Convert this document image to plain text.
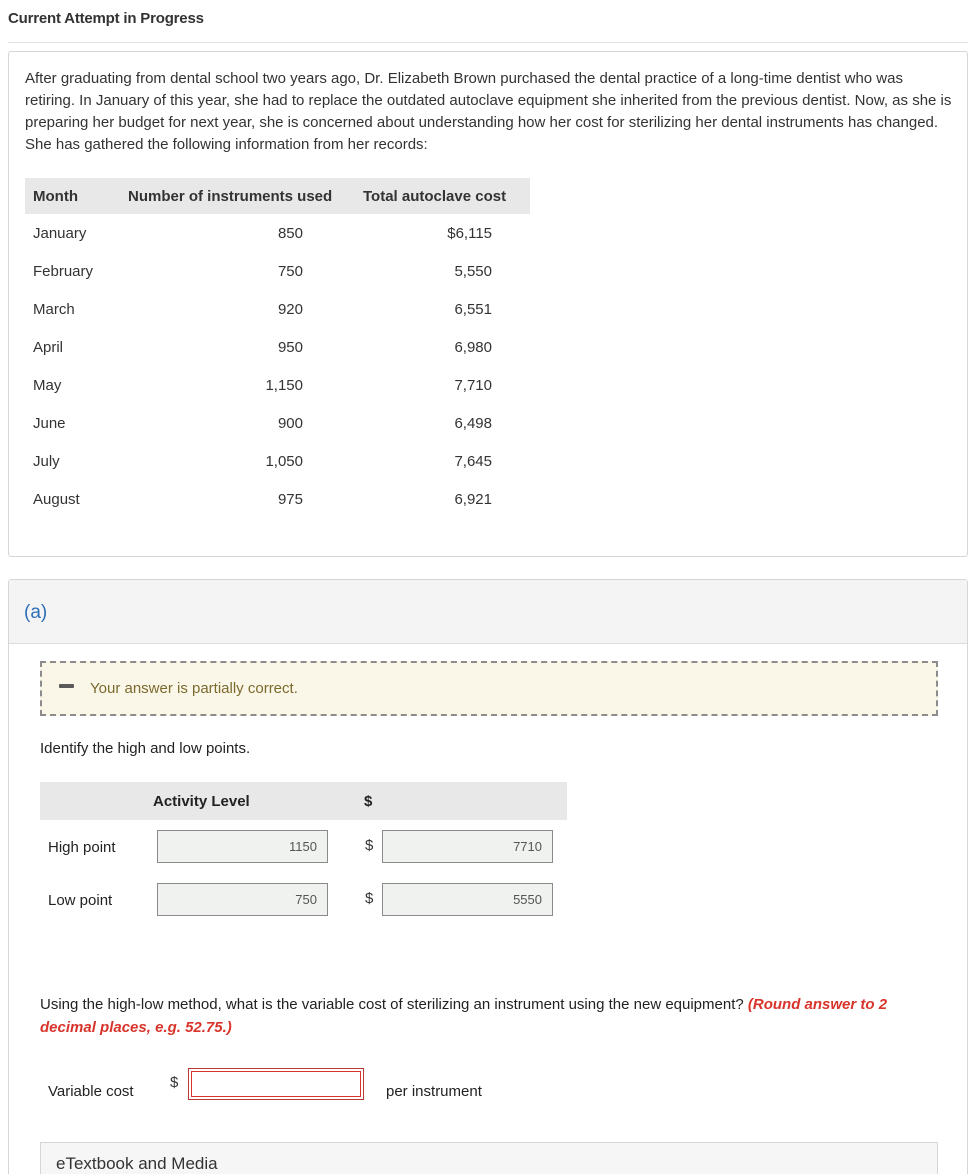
Current Attempt in Progress

After graduating from dental school two years ago, Dr. Elizabeth Brown purchased the dental practice of a long-time dentist who was retiring. In January of this year, she had to replace the outdated autoclave equipment she inherited from the previous dentist. Now, as she is preparing her budget for next year, she is concerned about understanding how her cost for sterilizing her dental instruments has changed. She has gathered the following information from her records:

Month	Number of instruments used	Total autoclave cost
January	850	$6,115
February	750	5,550
March	920	6,551
April	950	6,980
May	1,150	7,710
June	900	6,498
July	1,050	7,645
August	975	6,921
(a)
Your answer is partially correct.
Identify the high and low points.
Activity Level	$
High point	1150	$	7710
Low point	750	$	5550
Using the high-low method, what is the variable cost of sterilizing an instrument using the new equipment? (Round answer to 2 decimal places, e.g. 52.75.)
Variable cost
$
per instrument
eTextbook and Media
